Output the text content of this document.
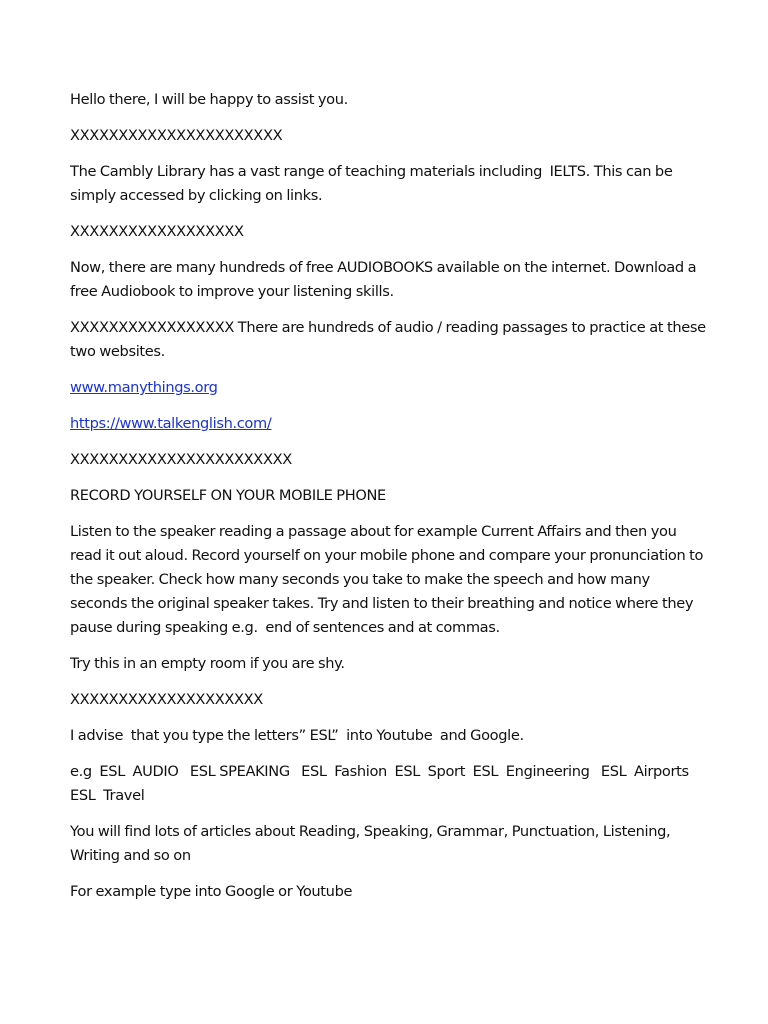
Hello there, I will be happy to assist you.

XXXXXXXXXXXXXXXXXXXXXX

The Cambly Library has a vast range of teaching materials including  IELTS. This can be simply accessed by clicking on links.

XXXXXXXXXXXXXXXXXX

Now, there are many hundreds of free AUDIOBOOKS available on the internet. Download a free Audiobook to improve your listening skills.

XXXXXXXXXXXXXXXXX There are hundreds of audio / reading passages to practice at these two websites.

www.manythings.org

https://www.talkenglish.com/

XXXXXXXXXXXXXXXXXXXXXXX

RECORD YOURSELF ON YOUR MOBILE PHONE

Listen to the speaker reading a passage about for example Current Affairs and then you read it out aloud. Record yourself on your mobile phone and compare your pronunciation to the speaker. Check how many seconds you take to make the speech and how many seconds the original speaker takes. Try and listen to their breathing and notice where they pause during speaking e.g.  end of sentences and at commas.

Try this in an empty room if you are shy.

XXXXXXXXXXXXXXXXXXXX

I advise  that you type the letters” ESL”  into Youtube  and Google.

e.g  ESL  AUDIO   ESL SPEAKING   ESL  Fashion  ESL  Sport  ESL  Engineering   ESL  Airports  ESL  Travel

You will find lots of articles about Reading, Speaking, Grammar, Punctuation, Listening, Writing and so on

For example type into Google or Youtube
